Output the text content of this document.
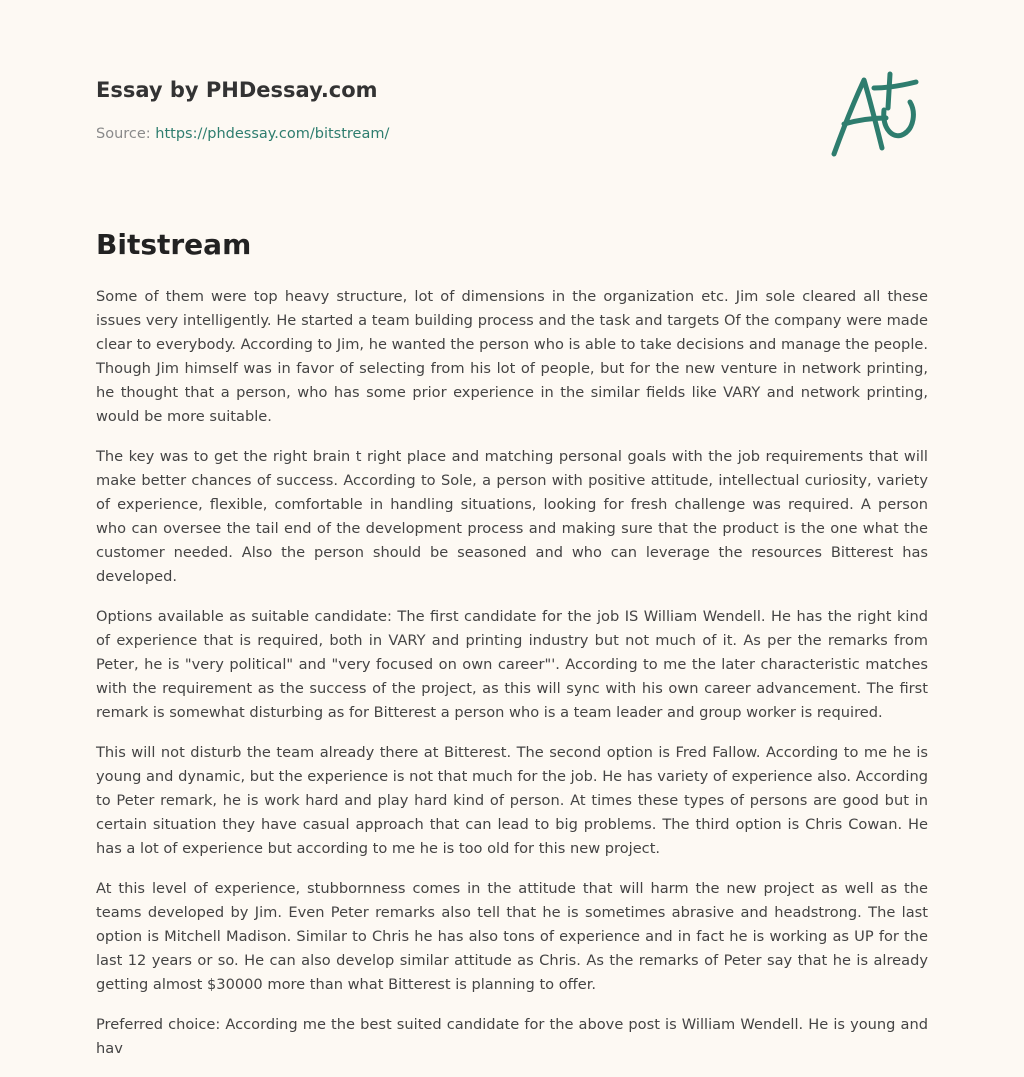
Essay by PHDessay.com
Source: https://phdessay.com/bitstream/
Bitstream

Some of them were top heavy structure, lot of dimensions in the organization etc. Jim sole cleared all these issues very intelligently. He started a team building process and the task and targets Of the company were made clear to everybody. According to Jim, he wanted the person who is able to take decisions and manage the people. Though Jim himself was in favor of selecting from his lot of people, but for the new venture in network printing, he thought that a person, who has some prior experience in the similar fields like VARY and network printing, would be more suitable.

The key was to get the right brain t right place and matching personal goals with the job requirements that will make better chances of success. According to Sole, a person with positive attitude, intellectual curiosity, variety of experience, flexible, comfortable in handling situations, looking for fresh challenge was required. A person who can oversee the tail end of the development process and making sure that the product is the one what the customer needed. Also the person should be seasoned and who can leverage the resources Bitterest has developed.

Options available as suitable candidate: The first candidate for the job IS William Wendell. He has the right kind of experience that is required, both in VARY and printing industry but not much of it. As per the remarks from Peter, he is "very political" and "very focused on own career"'. According to me the later characteristic matches with the requirement as the success of the project, as this will sync with his own career advancement. The first remark is somewhat disturbing as for Bitterest a person who is a team leader and group worker is required.

This will not disturb the team already there at Bitterest. The second option is Fred Fallow. According to me he is young and dynamic, but the experience is not that much for the job. He has variety of experience also. According to Peter remark, he is work hard and play hard kind of person. At times these types of persons are good but in certain situation they have casual approach that can lead to big problems. The third option is Chris Cowan. He has a lot of experience but according to me he is too old for this new project.

At this level of experience, stubbornness comes in the attitude that will harm the new project as well as the teams developed by Jim. Even Peter remarks also tell that he is sometimes abrasive and headstrong. The last option is Mitchell Madison. Similar to Chris he has also tons of experience and in fact he is working as UP for the last 12 years or so. He can also develop similar attitude as Chris. As the remarks of Peter say that he is already getting almost $30000 more than what Bitterest is planning to offer.

Preferred choice: According me the best suited candidate for the above post is William Wendell. He is young and hav
